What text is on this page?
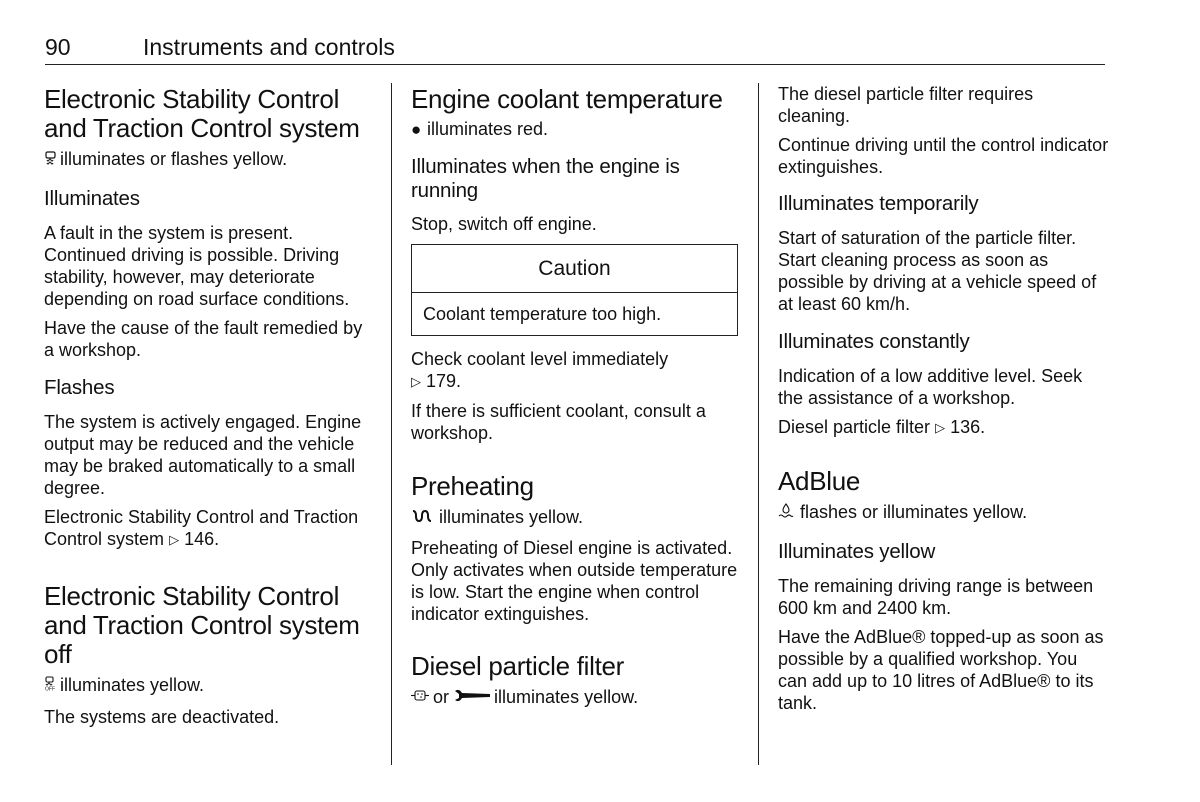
90	Instruments and controls
Electronic Stability Control and Traction Control system

illuminates or flashes yellow.

Illuminates

A fault in the system is present. Continued driving is possible. Driving stability, however, may deteriorate depending on road surface conditions.

Have the cause of the fault remedied by a workshop.

Flashes

The system is actively engaged. Engine output may be reduced and the vehicle may be braked automatically to a small degree.

Electronic Stability Control and Traction Control system ▷ 146.

Electronic Stability Control and Traction Control system off

OFF illuminates yellow.

The systems are deactivated.

Engine coolant temperature

● illuminates red.

Illuminates when the engine is running

Stop, switch off engine.

Caution
Coolant temperature too high.

Check coolant level immediately
▷ 179.

If there is sufficient coolant, consult a workshop.

Preheating

illuminates yellow.

Preheating of Diesel engine is activated. Only activates when outside temperature is low. Start the engine when control indicator extinguishes.

Diesel particle filter

or	illuminates yellow.

The diesel particle filter requires cleaning.

Continue driving until the control indicator extinguishes.

Illuminates temporarily

Start of saturation of the particle filter. Start cleaning process as soon as possible by driving at a vehicle speed of at least 60 km/h.

Illuminates constantly

Indication of a low additive level. Seek the assistance of a workshop.

Diesel particle filter ▷ 136.

AdBlue

flashes or illuminates yellow.

Illuminates yellow

The remaining driving range is between 600 km and 2400 km.

Have the AdBlue® topped-up as soon as possible by a qualified workshop. You can add up to 10 litres of AdBlue® to its tank.
